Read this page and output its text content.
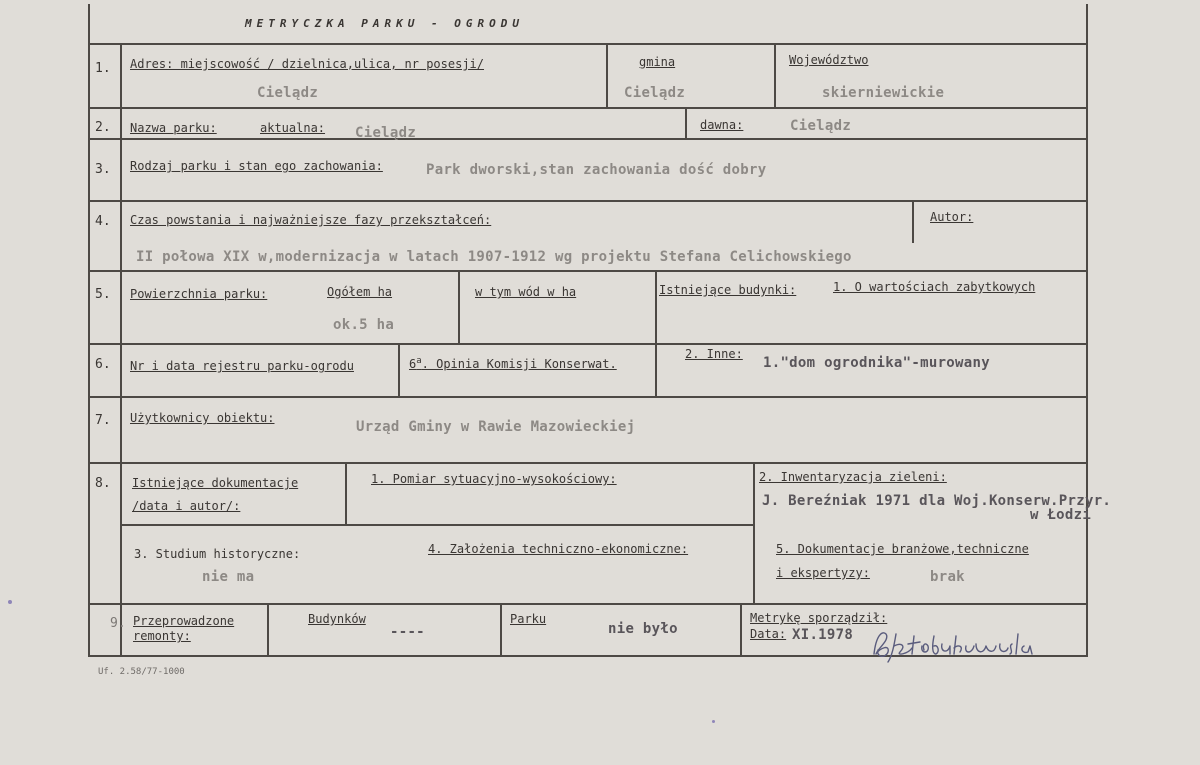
METRYCZKA PARKU - OGRODU
1. Adres: miejscowość / dzielnica,ulica, nr posesji/
Cielądz
gmina
Cielądz
Województwo
skierniewickie
2. Nazwa parku:	aktualna: Cielądz	dawna:	Cielądz
3. Rodzaj parku i stan ego zachowania:	Park dworski,stan zachowania dość dobry
4. Czas powstania i najważniejsze fazy przekształceń:	Autor:
II połowa XIX w,modernizacja w latach 1907-1912 wg projektu Stefana Celichowskiego
5. Powierzchnia parku:	Ogółem ha
ok.5 ha
w tym wód w ha	Istniejące budynki:	1. O wartościach zabytkowych
6. Nr i data rejestru parku-ogrodu	6$^a$. Opinia Komisji Konserwat.
2. Inne:
1."dom ogrodnika"-murowany
7. Użytkownicy obiektu:
Urząd Gminy w Rawie Mazowieckiej
8. Istniejące dokumentacje
/data i autor/:
1. Pomiar sytuacyjno-wysokościowy:	2. Inwentaryzacja zieleni:
J. Bereźniak 1971 dla Woj.Konserw.Przyr.
w Łodzi
3. Studium historyczne:
nie ma
4. Założenia techniczno-ekonomiczne:	5. Dokumentacje branżowe,techniczne
i ekspertyzy:	brak
9. Przeprowadzone
remonty:
Budynków
----
Parku
nie było
Metrykę sporządził:
Data: XI.1978
Uf. 2.58/77-1000
